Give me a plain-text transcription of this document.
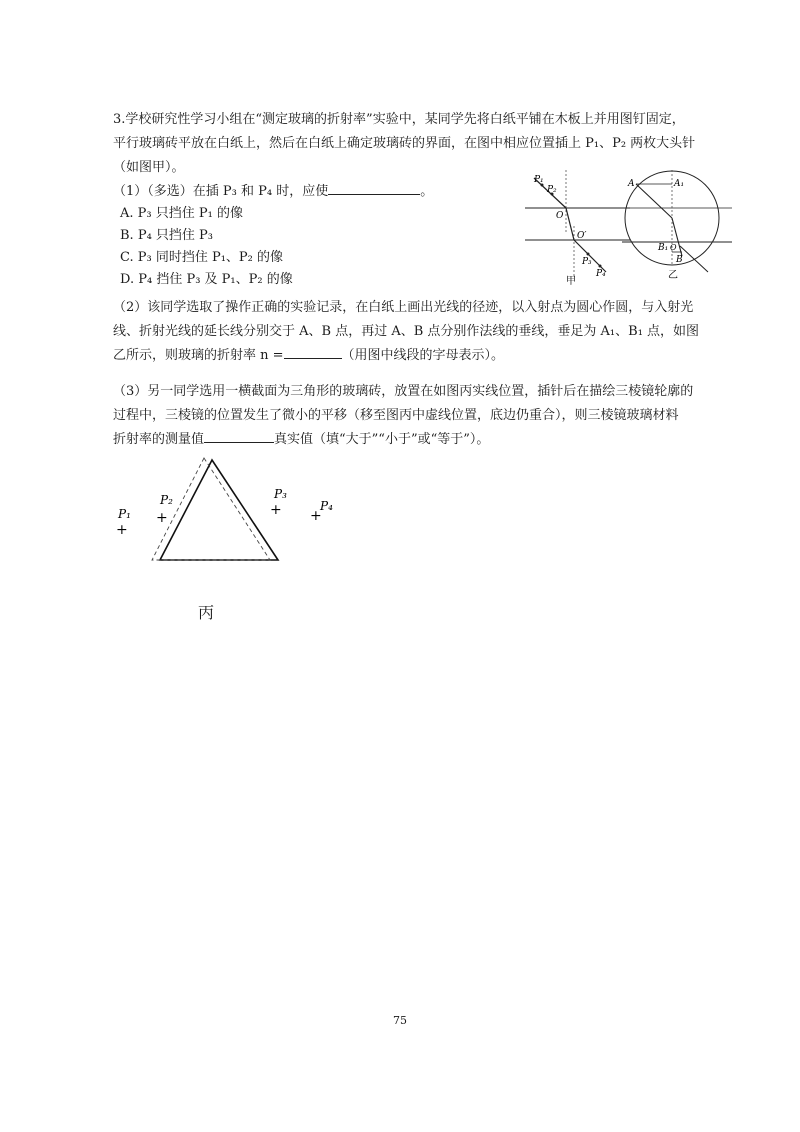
3.学校研究性学习小组在“测定玻璃的折射率”实验中，某同学先将白纸平铺在木板上并用图钉固定，
平行玻璃砖平放在白纸上，然后在白纸上确定玻璃砖的界面，在图中相应位置插上 P₁、P₂ 两枚大头针
（如图甲）。
（1）（多选）在插 P₃ 和 P₄ 时，应使	。
A. P₃ 只挡住 P₁ 的像
B. P₄ 只挡住 P₃
C. P₃ 同时挡住 P₁、P₂ 的像
D. P₄ 挡住 P₃ 及 P₁、P₂ 的像
P₁
P₂
O
O′
P₃
P₄
甲
A	A₁
B₁ O
B
乙
（2）该同学选取了操作正确的实验记录，在白纸上画出光线的径迹，以入射点为圆心作圆，与入射光
线、折射光线的延长线分别交于 A、B 点，再过 A、B 点分别作法线的垂线，垂足为 A₁、B₁ 点，如图
乙所示，则玻璃的折射率 n =	（用图中线段的字母表示）。
（3）另一同学选用一横截面为三角形的玻璃砖，放置在如图丙实线位置，插针后在描绘三棱镜轮廓的
过程中，三棱镜的位置发生了微小的平移（移至图丙中虚线位置，底边仍重合），则三棱镜玻璃材料
折射率的测量值	真实值（填“大于”“小于”或“等于”）。
P₁
+
P₂
+
P₃
+	P₄
+
丙
75
